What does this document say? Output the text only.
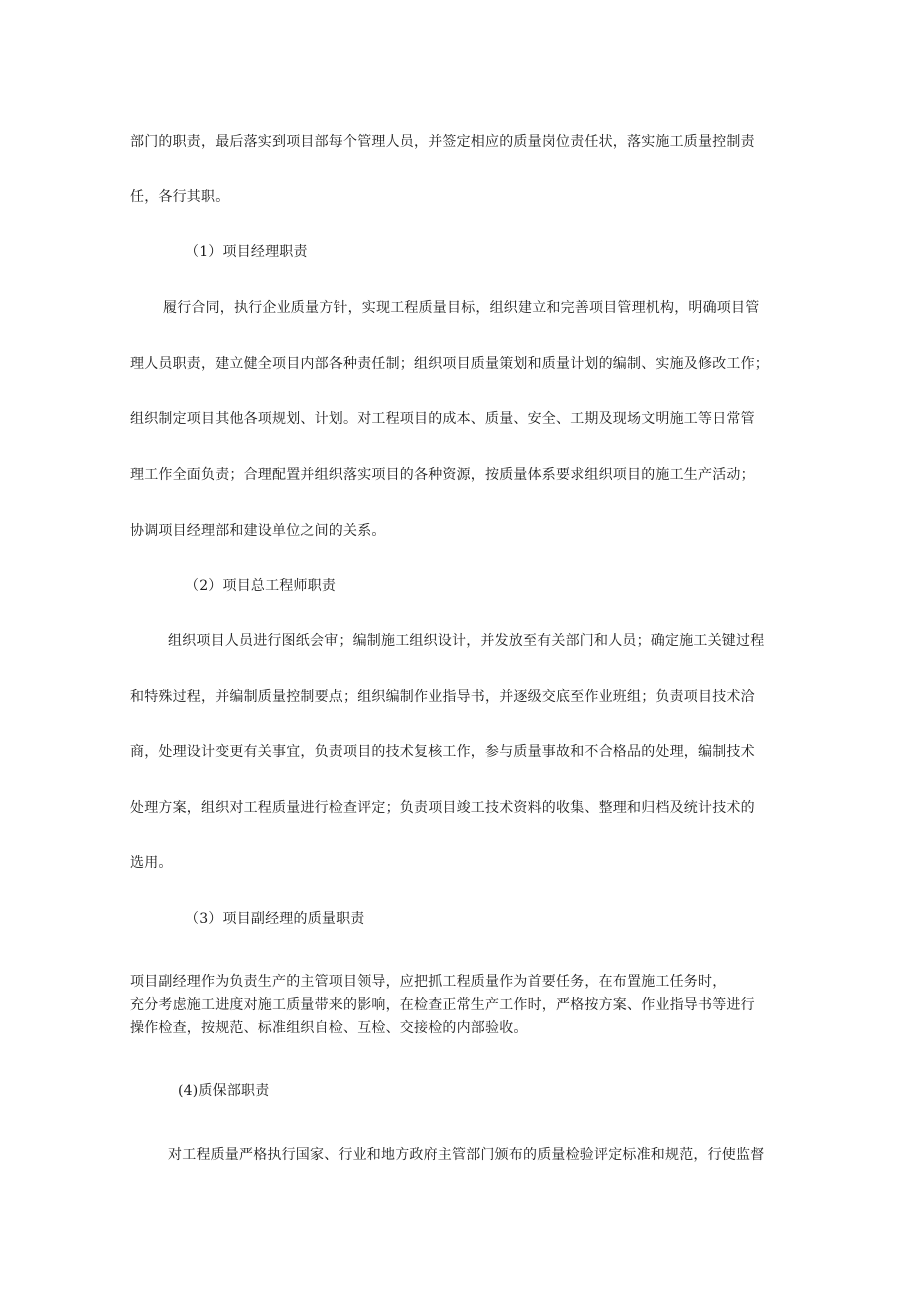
部门的职责，最后落实到项目部每个管理人员，并签定相应的质量岗位责任状，落实施工质量控制责
任，各行其职。
（1）项目经理职责
履行合同，执行企业质量方针，实现工程质量目标，组织建立和完善项目管理机构，明确项目管
理人员职责，建立健全项目内部各种责任制；组织项目质量策划和质量计划的编制、实施及修改工作；
组织制定项目其他各项规划、计划。对工程项目的成本、质量、安全、工期及现场文明施工等日常管
理工作全面负责；合理配置并组织落实项目的各种资源，按质量体系要求组织项目的施工生产活动；
协调项目经理部和建设单位之间的关系。
（2）项目总工程师职责
组织项目人员进行图纸会审；编制施工组织设计，并发放至有关部门和人员；确定施工关键过程
和特殊过程，并编制质量控制要点；组织编制作业指导书，并逐级交底至作业班组；负责项目技术洽
商，处理设计变更有关事宜，负责项目的技术复核工作，参与质量事故和不合格品的处理，编制技术
处理方案，组织对工程质量进行检查评定；负责项目竣工技术资料的收集、整理和归档及统计技术的
选用。
（3）项目副经理的质量职责
项目副经理作为负责生产的主管项目领导，应把抓工程质量作为首要任务，在布置施工任务时，
充分考虑施工进度对施工质量带来的影响，在检查正常生产工作时，严格按方案、作业指导书等进行
操作检查，按规范、标准组织自检、互检、交接检的内部验收。
(4)质保部职责
对工程质量严格执行国家、行业和地方政府主管部门颁布的质量检验评定标准和规范，行使监督
